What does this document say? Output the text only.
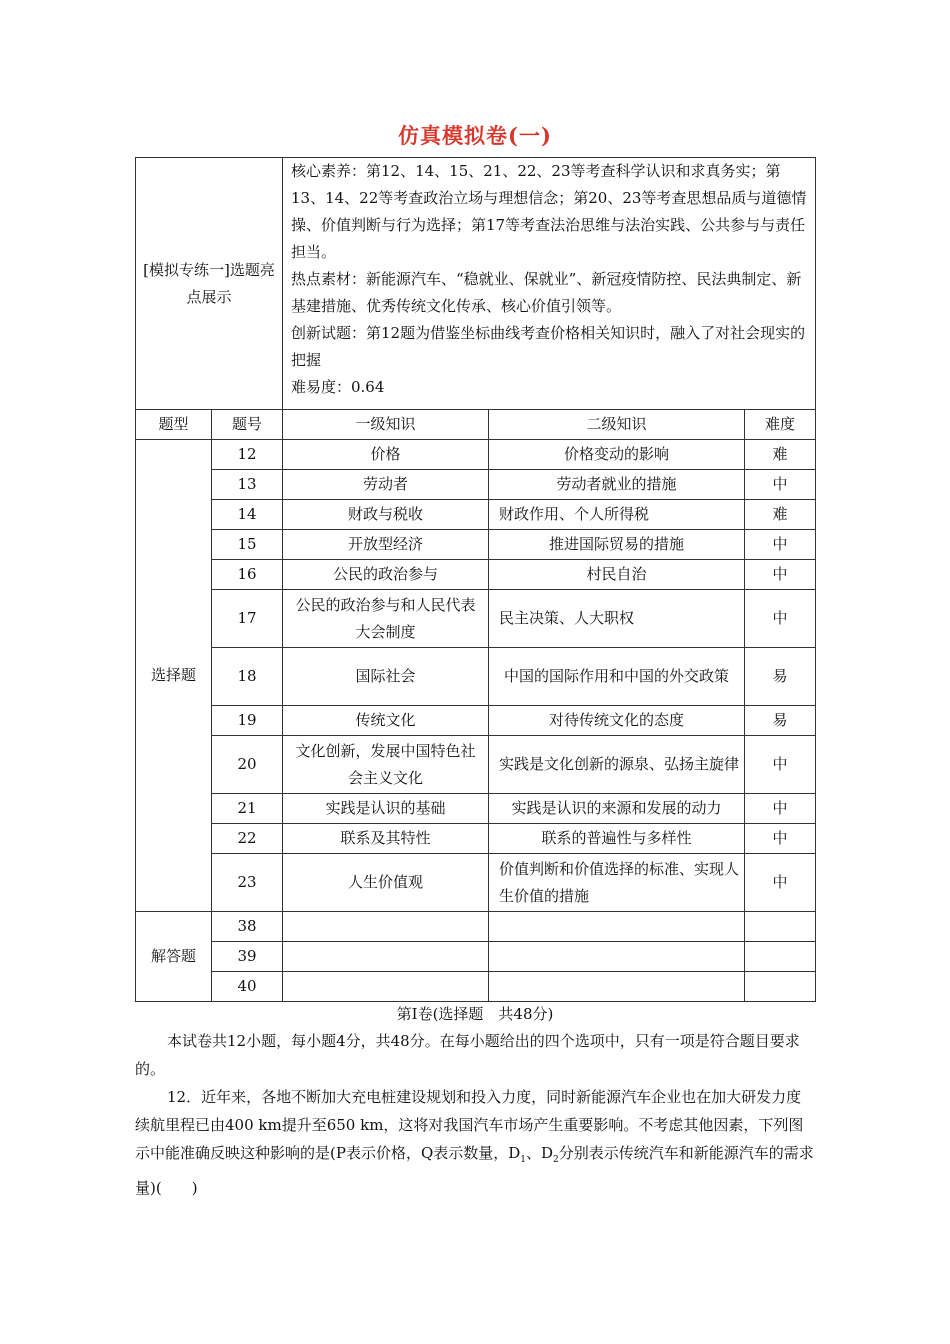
仿真模拟卷(一)
[模拟专练一]选题亮点展示		核心素养：第12、14、15、21、22、23等考查科学认识和求真务实；第13、14、22等考查政治立场与理想信念；第20、23等考查思想品质与道德情操、价值判断与行为选择；第17等考查法治思维与法治实践、公共参与与责任担当。

热点素材：新能源汽车、“稳就业、保就业”、新冠疫情防控、民法典制定、新基建措施、优秀传统文化传承、核心价值引领等。

创新试题：第12题为借鉴坐标曲线考查价格相关知识时，融入了对社会现实的把握

难易度：0.64		

题型	题号	一级知识	二级知识	难度
选择题	12	价格	价格变动的影响	难
	13	劳动者	劳动者就业的措施	中
	14	财政与税收	财政作用、个人所得税	难
	15	开放型经济	推进国际贸易的措施	中
	16	公民的政治参与	村民自治	中
	17	公民的政治参与和人民代表大会制度	民主决策、人大职权	中
	18	国际社会	中国的国际作用和中国的外交政策	易
	19	传统文化	对待传统文化的态度	易
	20	文化创新，发展中国特色社会主义文化	实践是文化创新的源泉、弘扬主旋律	中
	21	实践是认识的基础	实践是认识的来源和发展的动力	中
	22	联系及其特性	联系的普遍性与多样性	中
	23	人生价值观	价值判断和价值选择的标准、实现人生价值的措施	中
解答题	38			
	39			
	40			
第Ⅰ卷(选择题　共48分)
本试卷共12小题，每小题4分，共48分。在每小题给出的四个选项中，只有一项是符合题目要求的。
12．近年来，各地不断加大充电桩建设规划和投入力度，同时新能源汽车企业也在加大研发力度续航里程已由400 km提升至650 km，这将对我国汽车市场产生重要影响。不考虑其他因素，下列图示中能准确反映这种影响的是(P表示价格，Q表示数量，$D_1$、$D_2$分别表示传统汽车和新能源汽车的需求量)(　　)
